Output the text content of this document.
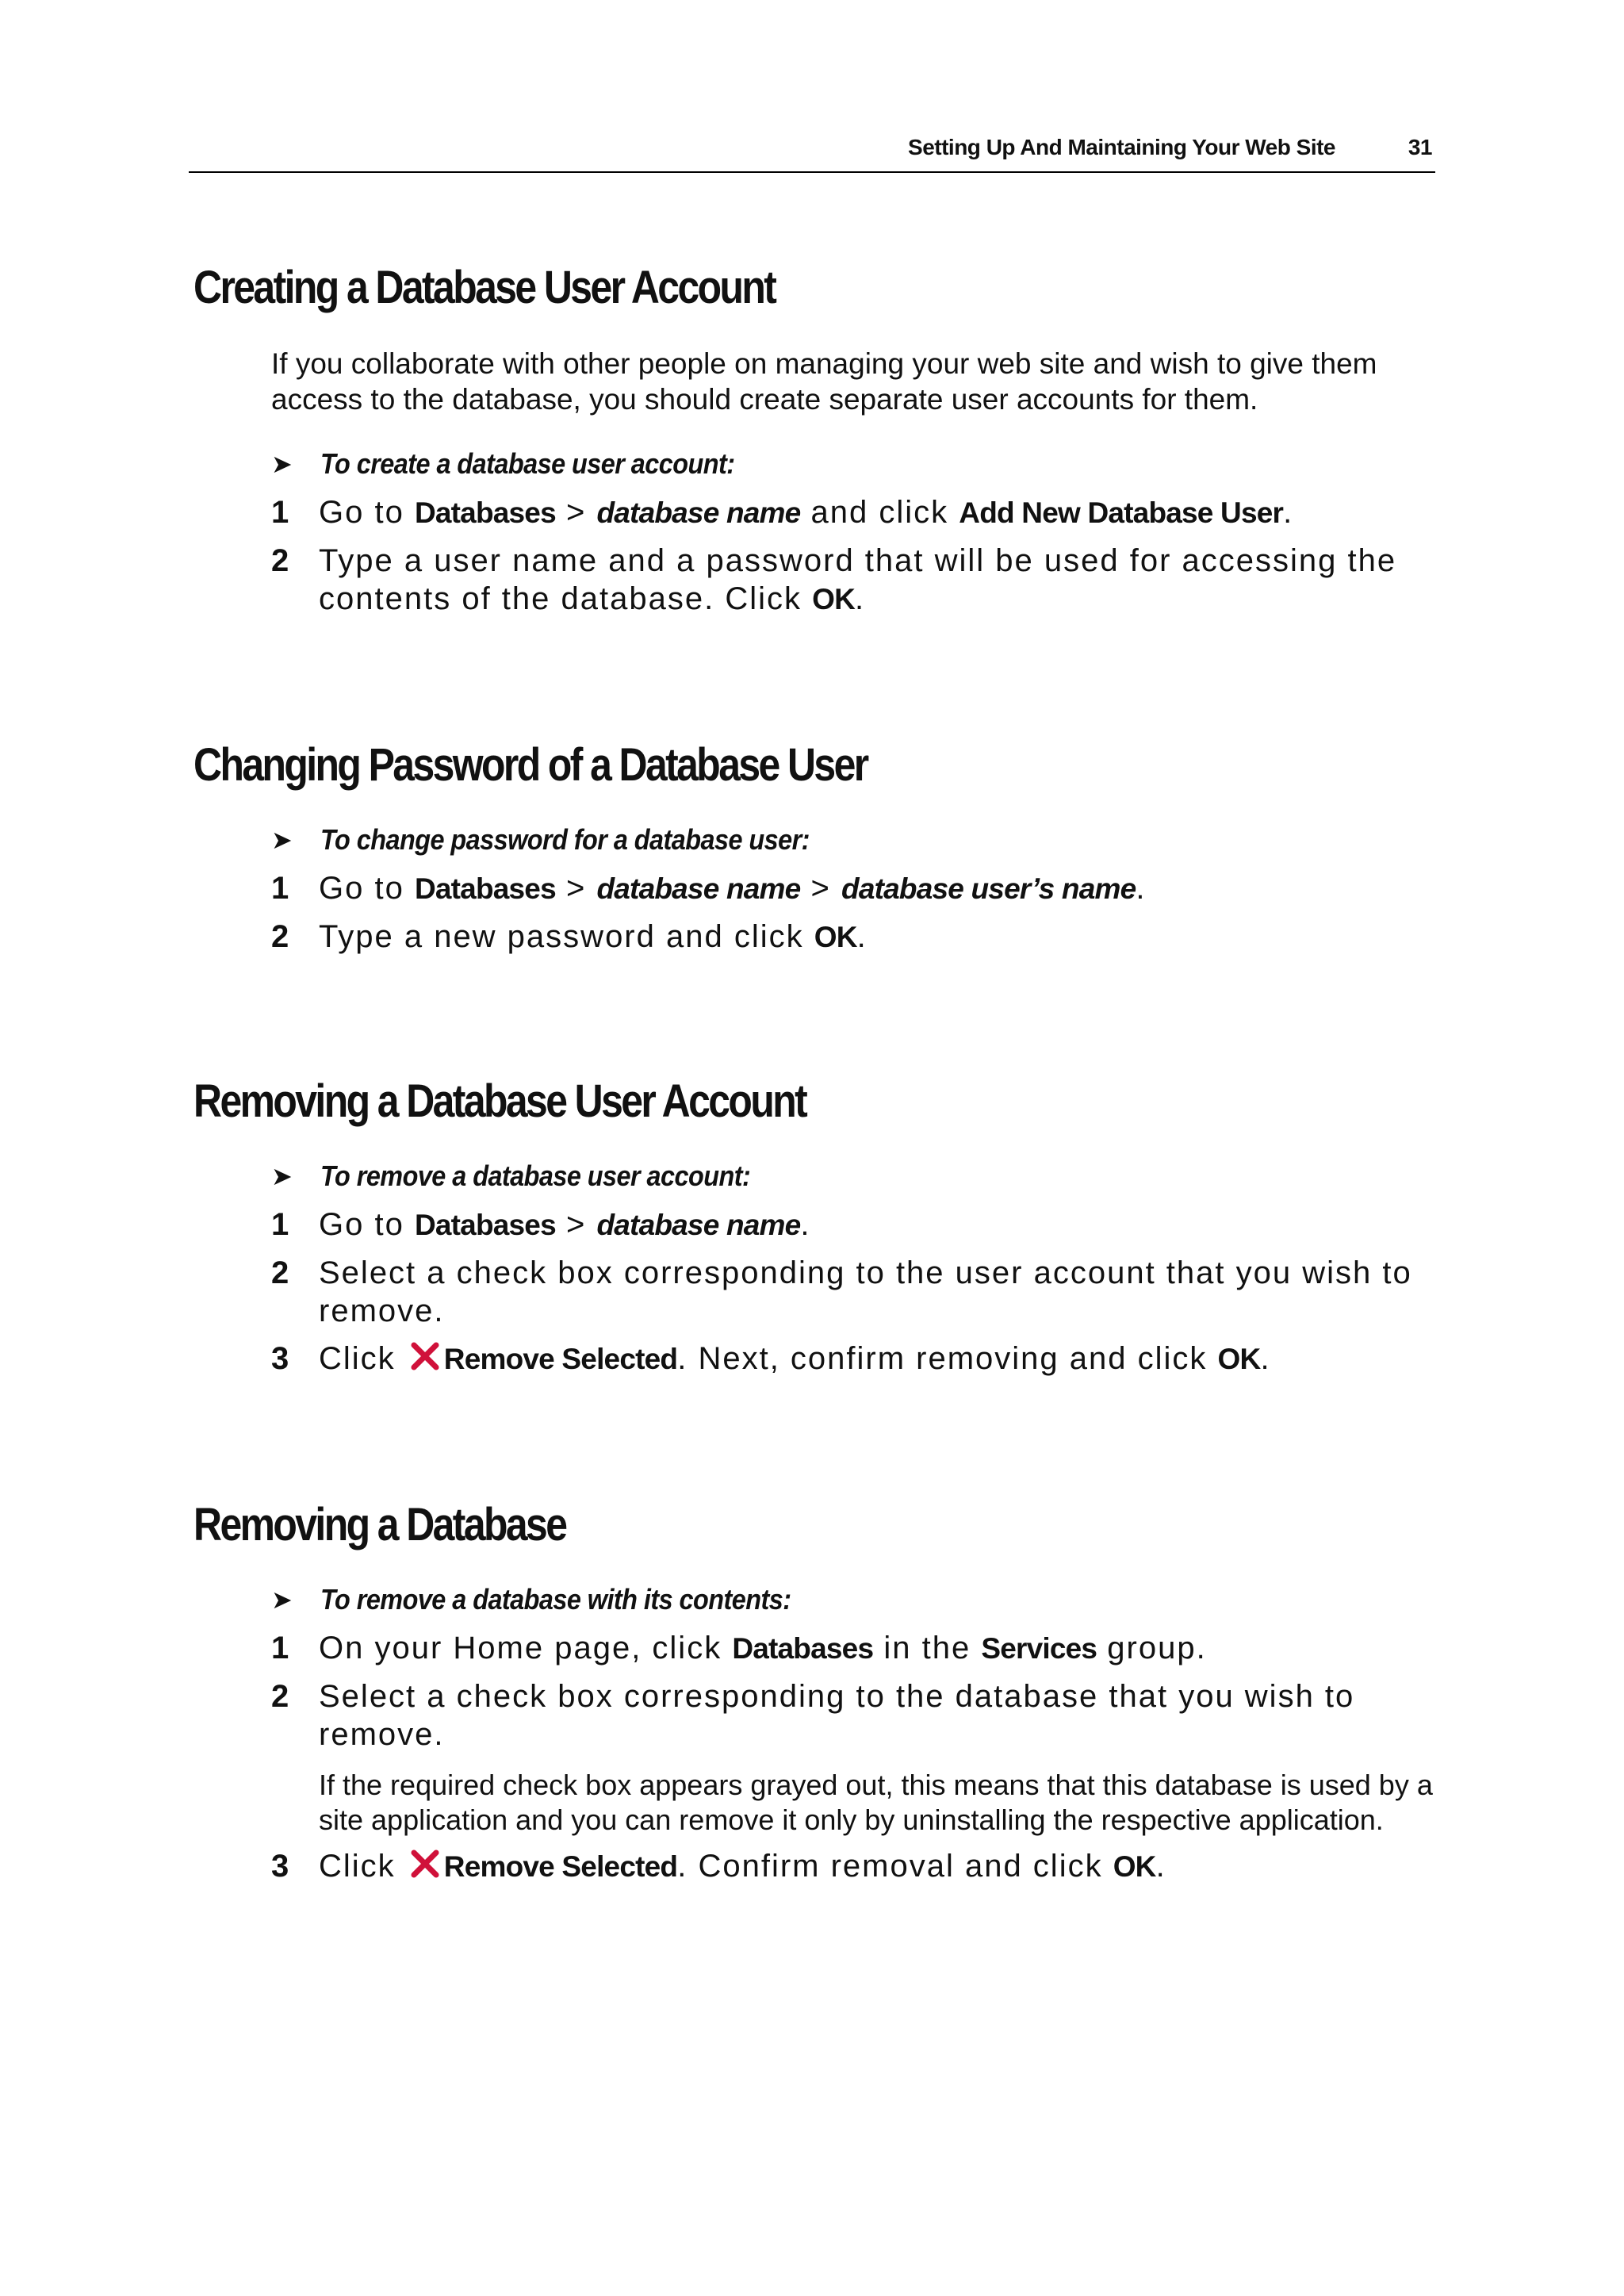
Setting Up And Maintaining Your Web Site	31
Creating a Database User Account
If you collaborate with other people on managing your web site and wish to give them access to the database, you should create separate user accounts for them.
➤ To create a database user account:
1 Go to Databases > database name and click Add New Database User.
2 Type a user name and a password that will be used for accessing the contents of the database. Click OK.
Changing Password of a Database User
➤ To change password for a database user:
1 Go to Databases > database name > database user’s name.
2 Type a new password and click OK.
Removing a Database User Account
➤ To remove a database user account:
1 Go to Databases > database name.
2 Select a check box corresponding to the user account that you wish to remove.
3 Click Remove Selected. Next, confirm removing and click OK.
Removing a Database
➤ To remove a database with its contents:
1 On your Home page, click Databases in the Services group.
2 Select a check box corresponding to the database that you wish to remove.
If the required check box appears grayed out, this means that this database is used by a site application and you can remove it only by uninstalling the respective application.
3 Click Remove Selected. Confirm removal and click OK.
